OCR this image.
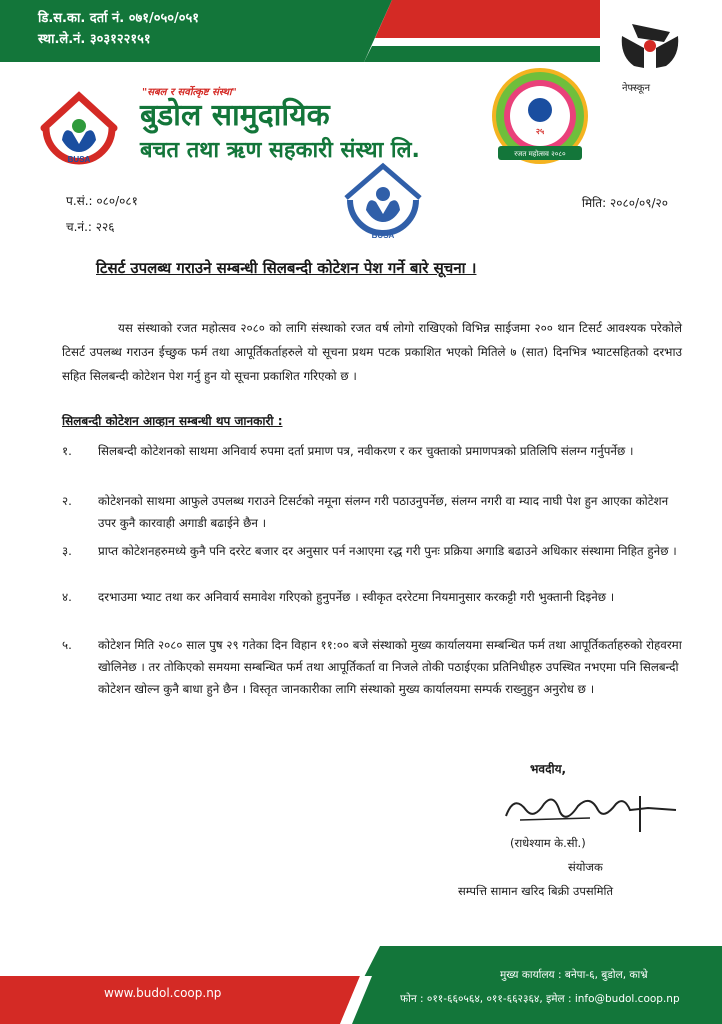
डि.स.का. दर्ता नं. ०७१/०५०/०५१
स्था.ले.नं. ३०३१२२१५१
BUSA
"सबल र सर्वोत्कृष्ट संस्था"
बुडोल सामुदायिक
बचत तथा ऋण सहकारी संस्था लि.
२५
रजत महोत्सव २०८०
नेफ्स्कून
BUSA
प.सं.: ०८०/०८१
च.नं.: २२६
मिति: २०८०/०९/२०
टिसर्ट उपलब्ध गराउने सम्बन्धी सिलबन्दी कोटेशन पेश गर्ने बारे सूचना ।
यस संस्थाको रजत महोत्सव २०८० को लागि संस्थाको रजत वर्ष लोगो राखिएको विभिन्न साईजमा २०० थान टिसर्ट आवश्यक परेकोले टिसर्ट उपलब्ध गराउन ईच्छुक फर्म तथा आपूर्तिकर्ताहरुले यो सूचना प्रथम पटक प्रकाशित भएको मितिले ७ (सात) दिनभित्र भ्याटसहितको दरभाउ सहित सिलबन्दी कोटेशन पेश गर्नु हुन यो सूचना प्रकाशित गरिएको छ ।
सिलबन्दी कोटेशन आव्हान सम्बन्धी थप जानकारी :
१.	सिलबन्दी कोटेशनको साथमा अनिवार्य रुपमा दर्ता प्रमाण पत्र, नवीकरण र कर चुक्ताको प्रमाणपत्रको प्रतिलिपि संलग्न गर्नुपर्नेछ ।
२.	कोटेशनको साथमा आफुले उपलब्ध गराउने टिसर्टको नमूना संलग्न गरी पठाउनुपर्नेछ, संलग्न नगरी वा म्याद नाघी पेश हुन आएका कोटेशन उपर कुनै कारवाही अगाडी बढाईने छैन ।
३.	प्राप्त कोटेशनहरुमध्ये कुनै पनि दररेट बजार दर अनुसार पर्न नआएमा रद्ध गरी पुनः प्रक्रिया अगाडि बढाउने अधिकार संस्थामा निहित हुनेछ ।
४.	दरभाउमा भ्याट तथा कर अनिवार्य समावेश गरिएको हुनुपर्नेछ । स्वीकृत दररेटमा नियमानुसार करकट्टी गरी भुक्तानी दिइनेछ ।
५.	कोटेशन मिति २०८० साल पुष २९ गतेका दिन विहान ११:०० बजे संस्थाको मुख्य कार्यालयमा सम्बन्धित फर्म तथा आपूर्तिकर्ताहरुको रोहवरमा खोलिनेछ । तर तोकिएको समयमा सम्बन्धित फर्म तथा आपूर्तिकर्ता वा निजले तोकी पठाईएका प्रतिनिधीहरु उपस्थित नभएमा पनि सिलबन्दी कोटेशन खोल्न कुनै बाधा हुने छैन । विस्तृत जानकारीका लागि संस्थाको मुख्य कार्यालयमा सम्पर्क राख्नुहुन अनुरोध छ ।
भवदीय,
(राधेश्याम के.सी.)
संयोजक
सम्पत्ति सामान खरिद बिक्री उपसमिति
www.budol.coop.np
मुख्य कार्यालय : बनेपा-६, बुडोल, काभ्रे
फोन : ०११-६६०५६४, ०११-६६२३६४, इमेल : info@budol.coop.np
